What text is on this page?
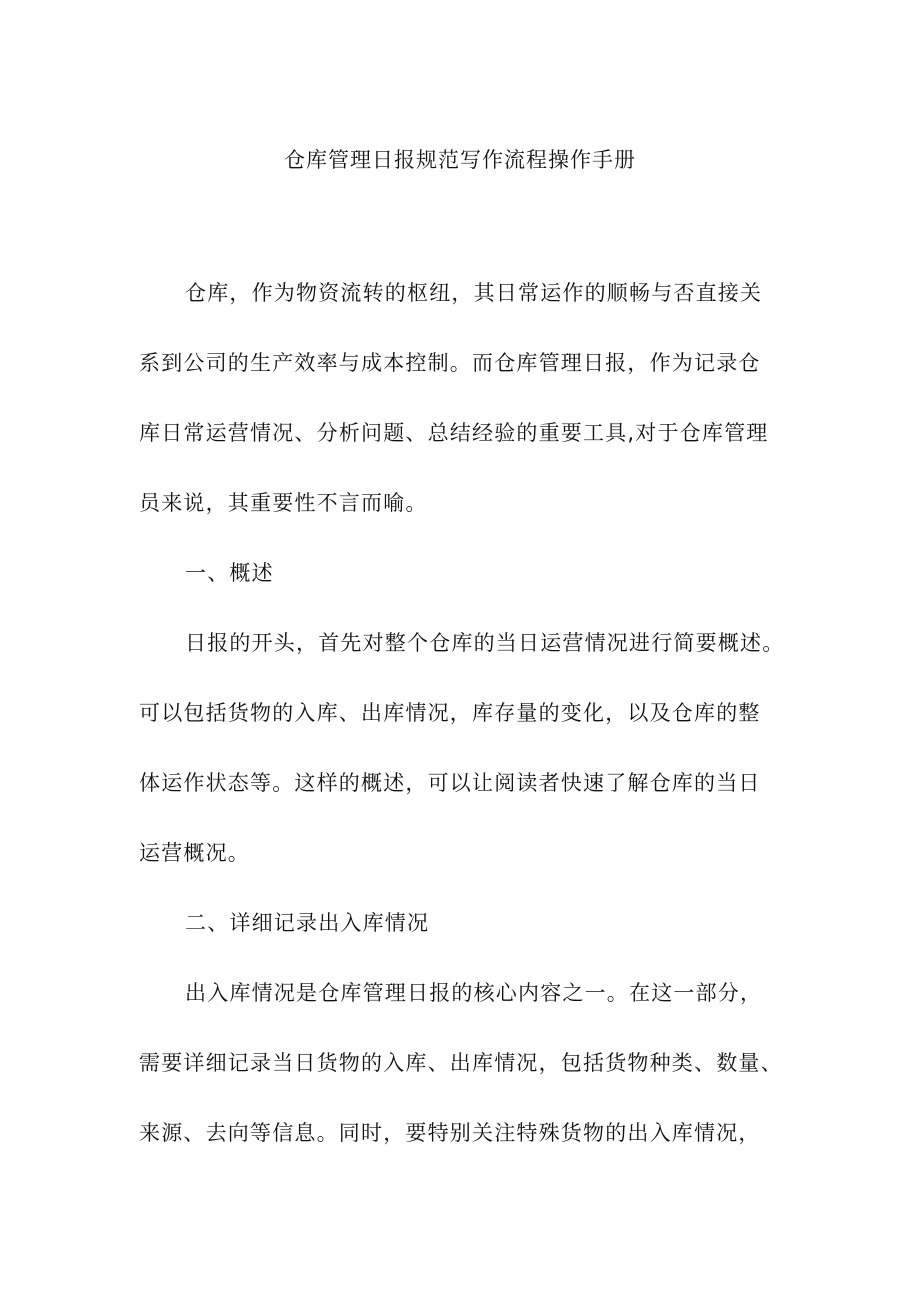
仓库管理日报规范写作流程操作手册
仓库，作为物资流转的枢纽，其日常运作的顺畅与否直接关
系到公司的生产效率与成本控制。而仓库管理日报，作为记录仓
库日常运营情况、分析问题、总结经验的重要工具,对于仓库管理
员来说，其重要性不言而喻。
一、概述
日报的开头，首先对整个仓库的当日运营情况进行简要概述。
可以包括货物的入库、出库情况，库存量的变化，以及仓库的整
体运作状态等。这样的概述，可以让阅读者快速了解仓库的当日
运营概况。
二、详细记录出入库情况
出入库情况是仓库管理日报的核心内容之一。在这一部分，
需要详细记录当日货物的入库、出库情况，包括货物种类、数量、
来源、去向等信息。同时，要特别关注特殊货物的出入库情况，
